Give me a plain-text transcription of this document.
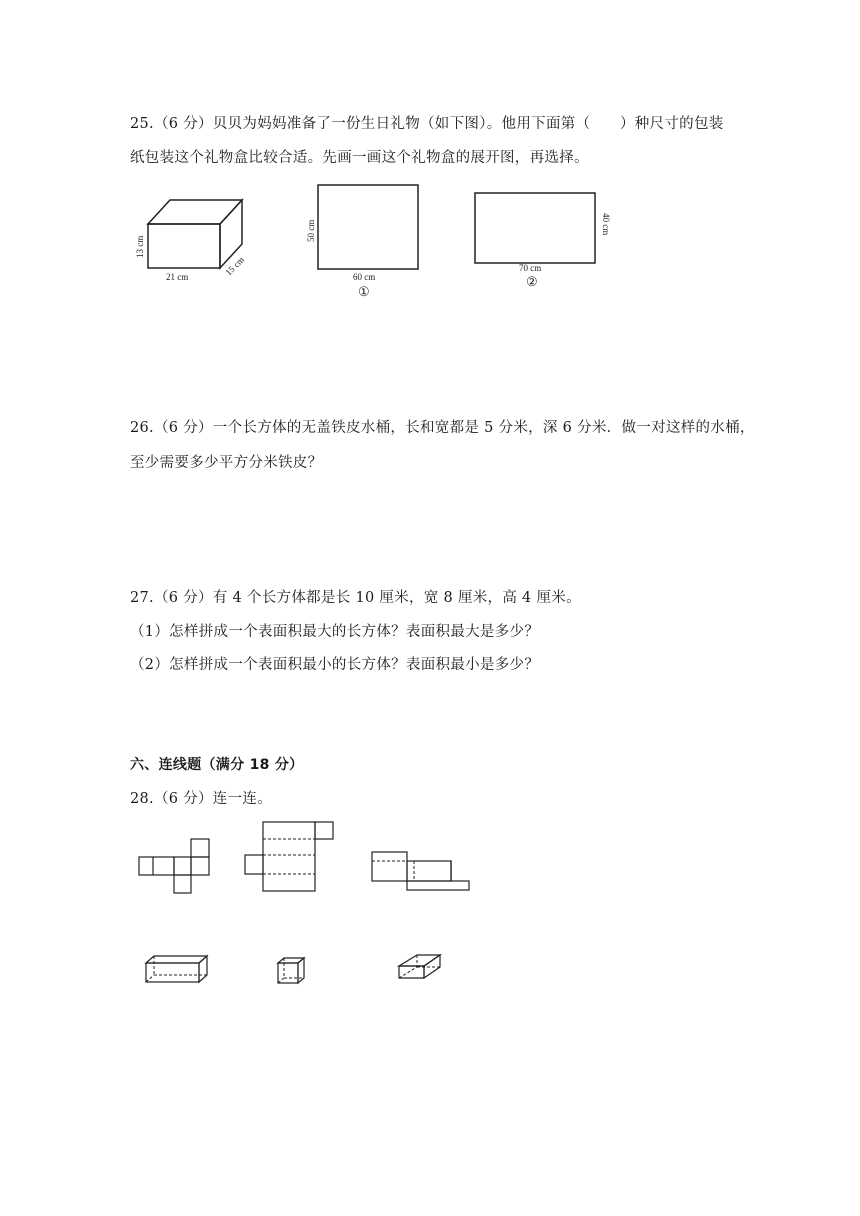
25.（6 分）贝贝为妈妈准备了一份生日礼物（如下图）。他用下面第（　　）种尺寸的包装
纸包装这个礼物盒比较合适。先画一画这个礼物盒的展开图，再选择。
13 cm
21 cm	15 cm
50 cm
60 cm
①
40 cm
70 cm
②
26.（6 分）一个长方体的无盖铁皮水桶，长和宽都是 5 分米，深 6 分米．做一对这样的水桶，
至少需要多少平方分米铁皮？
27.（6 分）有 4 个长方体都是长 10 厘米，宽 8 厘米，高 4 厘米。
（1）怎样拼成一个表面积最大的长方体？表面积最大是多少？
（2）怎样拼成一个表面积最小的长方体？表面积最小是多少？
六、连线题（满分 18 分）
28.（6 分）连一连。
